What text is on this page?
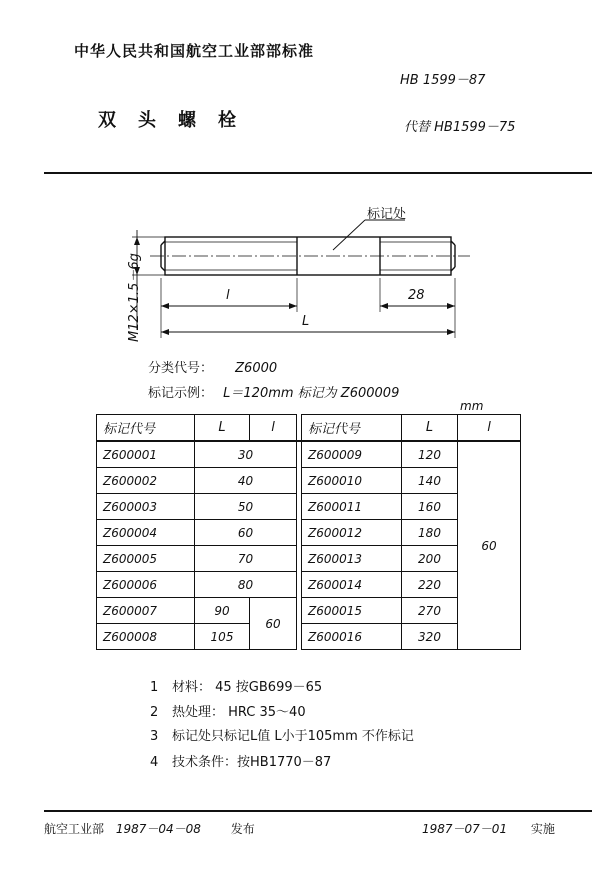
中华人民共和国航空工业部部标准
HB 1599－87
双头螺栓	代替 HB1599－75
标记处
M12×1.5－6g	l	28
L
分类代号： Z6000
标记示例： L＝120mm 标记为 Z600009
mm
标记代号	L	l		标记代号	L	l
Z600001	30			Z600009	120	60
Z600002	40			Z600010	140	
Z600003	50			Z600011	160	
Z600004	60			Z600012	180	
Z600005	70			Z600013	200	
Z600006	80			Z600014	220	
Z600007	90	60		Z600015	270	
Z600008	105			Z600016	320	
1 材料： 45 按GB699－65
2 热处理： HRC 35～40
3 标记处只标记L值 L小于105mm 不作标记
4 技术条件：按HB1770－87
航空工业部 1987－04－08 发布	1987－07－01 实施
